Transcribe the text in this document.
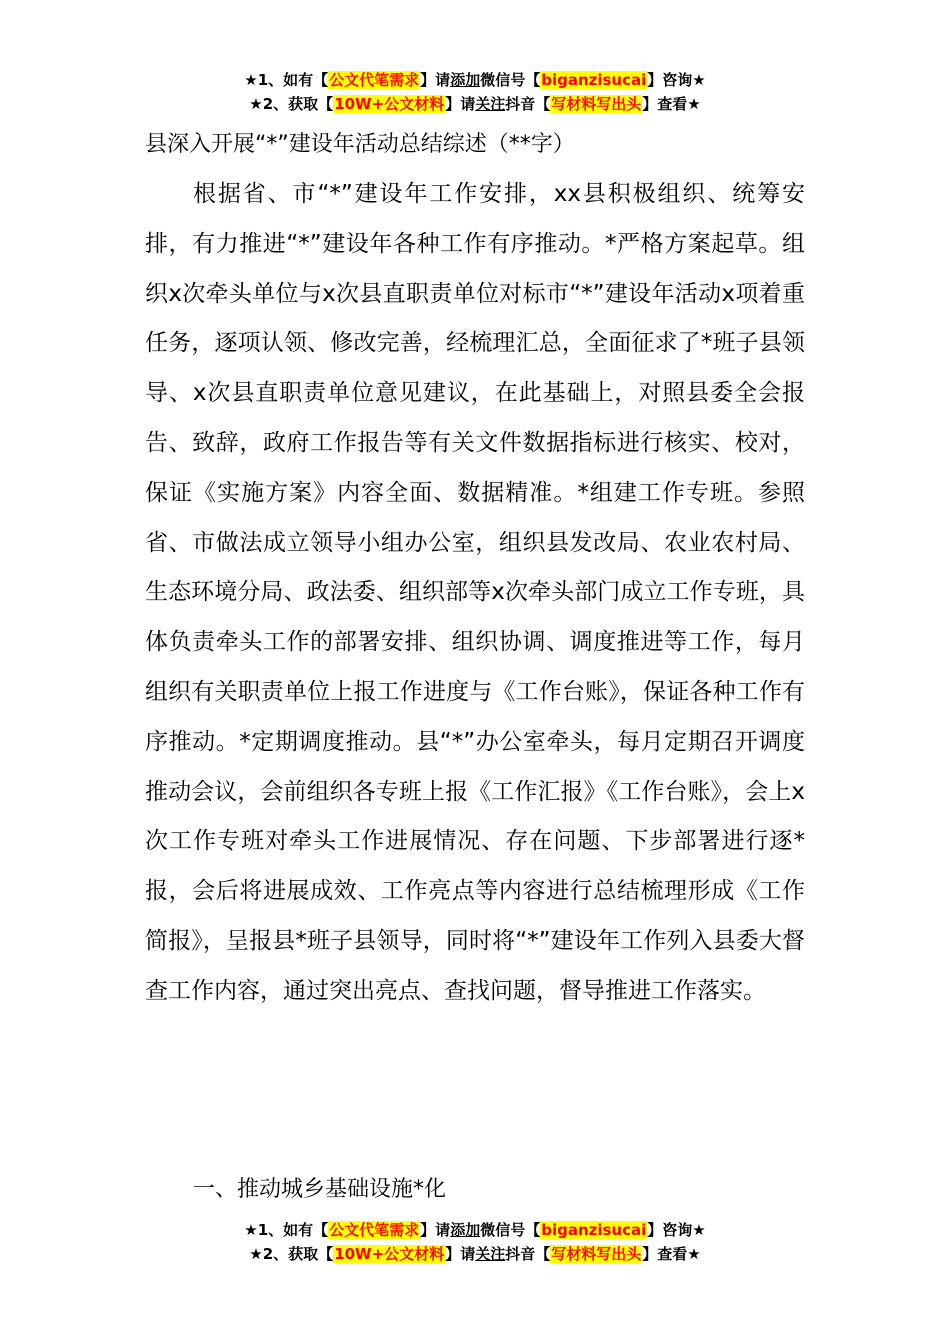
★1、如有【公文代笔需求】请添加微信号【biganzisucai】咨询★
★2、获取【10W+公文材料】请关注抖音【写材料写出头】查看★
县深入开展“*”建设年活动总结综述（**字）

根据省、市“*”建设年工作安排，xx县积极组织、统筹安排，有力推进“*”建设年各种工作有序推动。*严格方案起草。组织x次牵头单位与x次县直职责单位对标市“*”建设年活动x项着重任务，逐项认领、修改完善，经梳理汇总，全面征求了*班子县领导、x次县直职责单位意见建议，在此基础上，对照县委全会报告、致辞，政府工作报告等有关文件数据指标进行核实、校对，保证《实施方案》内容全面、数据精准。*组建工作专班。参照省、市做法成立领导小组办公室，组织县发改局、农业农村局、生态环境分局、政法委、组织部等x次牵头部门成立工作专班，具体负责牵头工作的部署安排、组织协调、调度推进等工作，每月组织有关职责单位上报工作进度与《工作台账》，保证各种工作有序推动。*定期调度推动。县“*”办公室牵头，每月定期召开调度推动会议，会前组织各专班上报《工作汇报》《工作台账》，会上x次工作专班对牵头工作进展情况、存在问题、下步部署进行逐*报，会后将进展成效、工作亮点等内容进行总结梳理形成《工作简报》，呈报县*班子县领导，同时将“*”建设年工作列入县委大督查工作内容，通过突出亮点、查找问题，督导推进工作落实。

一、推动城乡基础设施*化
★1、如有【公文代笔需求】请添加微信号【biganzisucai】咨询★
★2、获取【10W+公文材料】请关注抖音【写材料写出头】查看★
